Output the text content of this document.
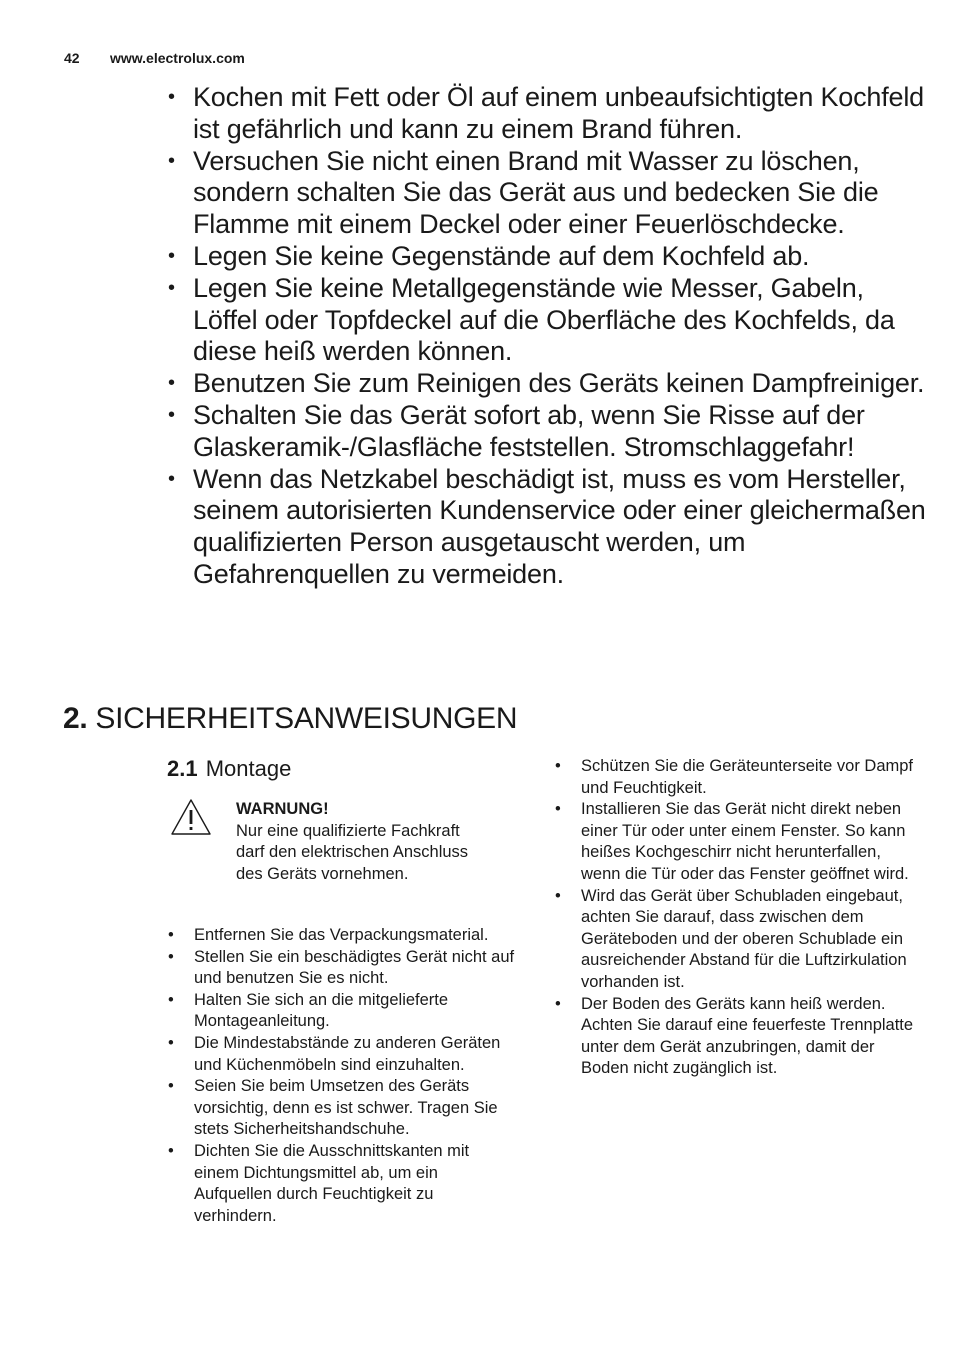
42 www.electrolux.com
• Kochen mit Fett oder Öl auf einem unbeaufsichtigten Kochfeld ist gefährlich und kann zu einem Brand führen.
• Versuchen Sie nicht einen Brand mit Wasser zu löschen, sondern schalten Sie das Gerät aus und bedecken Sie die Flamme mit einem Deckel oder einer Feuerlöschdecke.
• Legen Sie keine Gegenstände auf dem Kochfeld ab.
• Legen Sie keine Metallgegenstände wie Messer, Gabeln, Löffel oder Topfdeckel auf die Oberfläche des Kochfelds, da diese heiß werden können.
• Benutzen Sie zum Reinigen des Geräts keinen Dampfreiniger.
• Schalten Sie das Gerät sofort ab, wenn Sie Risse auf der Glaskeramik-/Glasfläche feststellen. Stromschlaggefahr!
• Wenn das Netzkabel beschädigt ist, muss es vom Hersteller, seinem autorisierten Kundenservice oder einer gleichermaßen qualifizierten Person ausgetauscht werden, um Gefahrenquellen zu vermeiden.
2. SICHERHEITSANWEISUNGEN
2.1 Montage
WARNUNG!
Nur eine qualifizierte Fachkraft darf den elektrischen Anschluss des Geräts vornehmen.
• Entfernen Sie das Verpackungsmaterial.
• Stellen Sie ein beschädigtes Gerät nicht auf und benutzen Sie es nicht.
• Halten Sie sich an die mitgelieferte Montageanleitung.
• Die Mindestabstände zu anderen Geräten und Küchenmöbeln sind einzuhalten.
• Seien Sie beim Umsetzen des Geräts vorsichtig, denn es ist schwer. Tragen Sie stets Sicherheitshandschuhe.
• Dichten Sie die Ausschnittskanten mit einem Dichtungsmittel ab, um ein Aufquellen durch Feuchtigkeit zu verhindern.
• Schützen Sie die Geräteunterseite vor Dampf und Feuchtigkeit.
• Installieren Sie das Gerät nicht direkt neben einer Tür oder unter einem Fenster. So kann heißes Kochgeschirr nicht herunterfallen, wenn die Tür oder das Fenster geöffnet wird.
• Wird das Gerät über Schubladen eingebaut, achten Sie darauf, dass zwischen dem Geräteboden und der oberen Schublade ein ausreichender Abstand für die Luftzirkulation vorhanden ist.
• Der Boden des Geräts kann heiß werden. Achten Sie darauf eine feuerfeste Trennplatte unter dem Gerät anzubringen, damit der Boden nicht zugänglich ist.
